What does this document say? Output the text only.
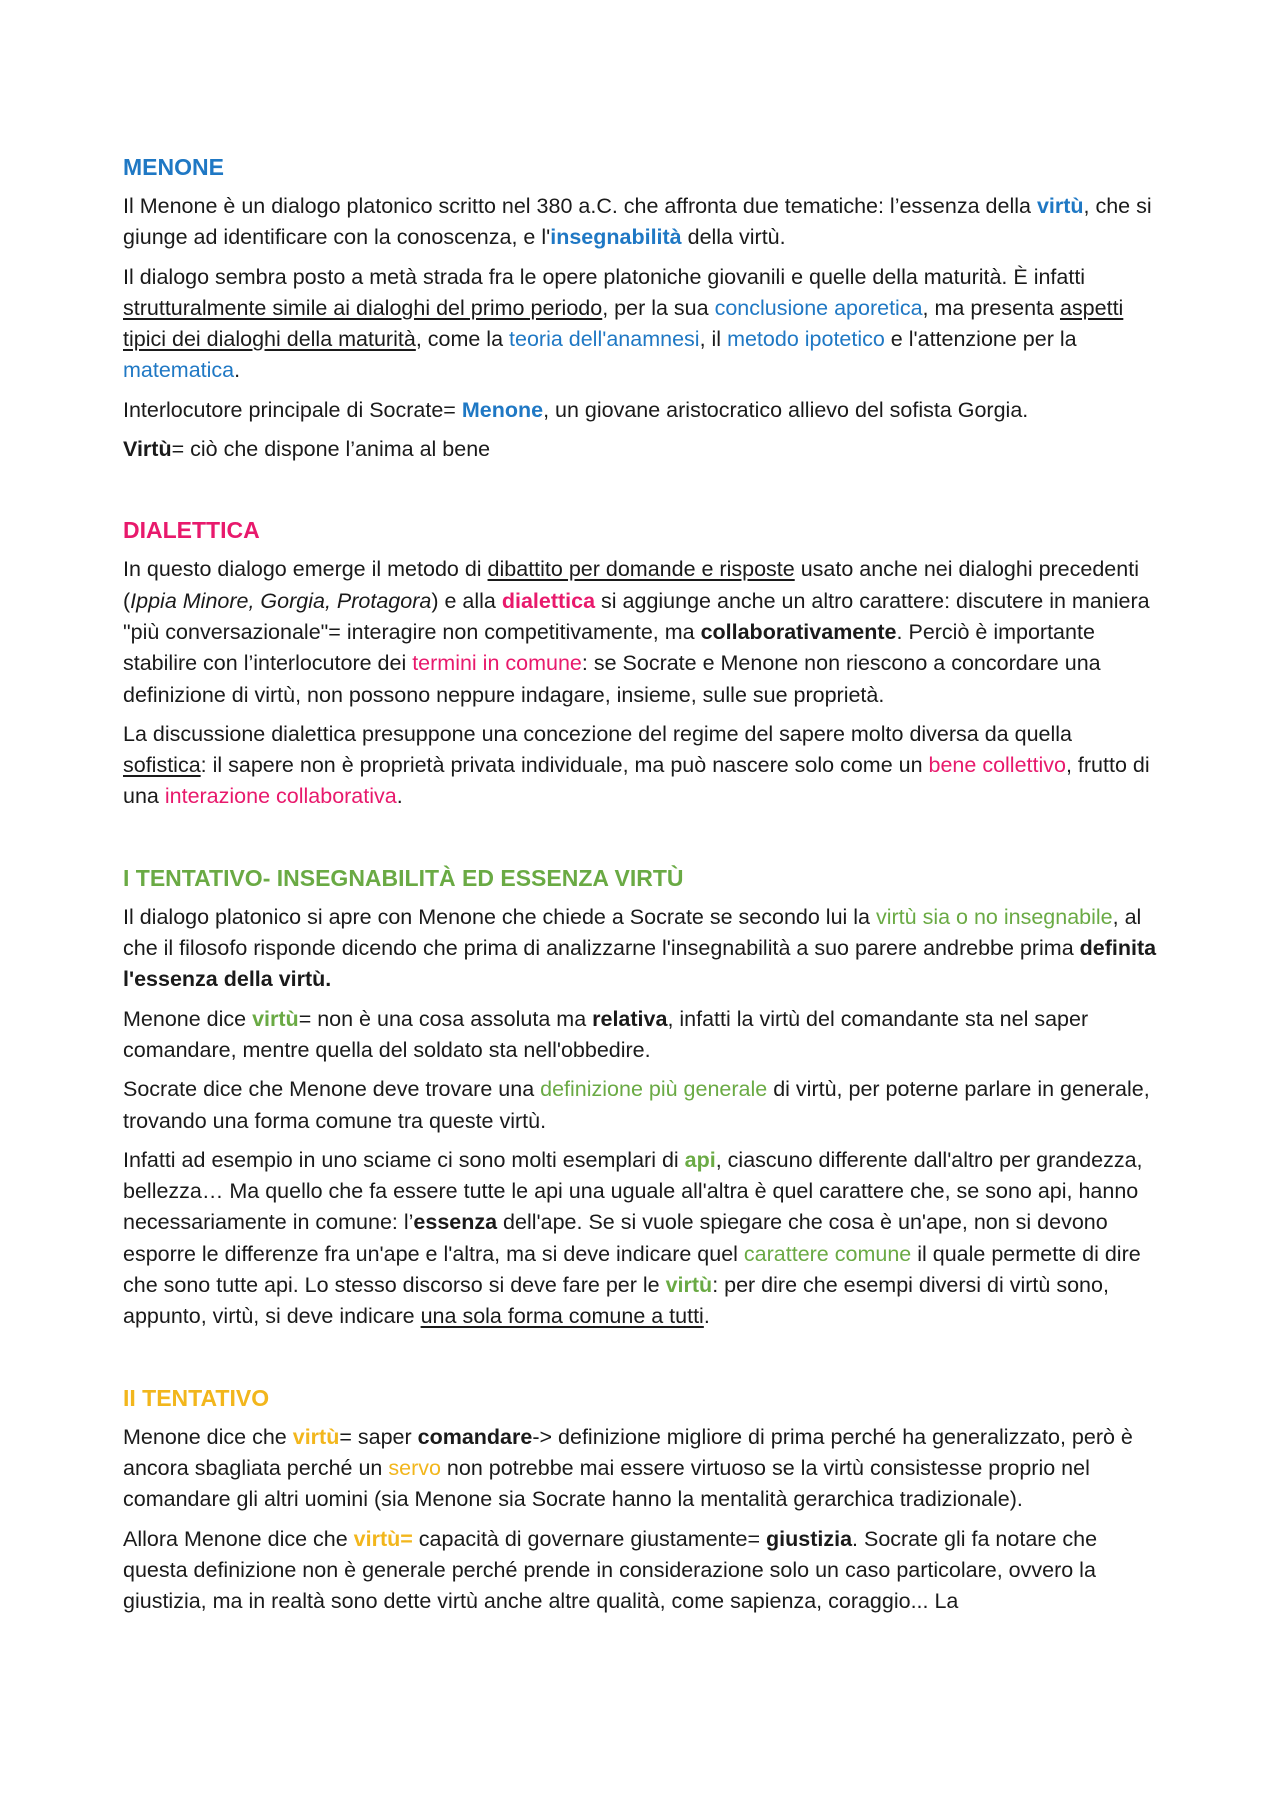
MENONE

Il Menone è un dialogo platonico scritto nel 380 a.C. che affronta due tematiche: l’essenza della virtù, che si giunge ad identificare con la conoscenza, e l'insegnabilità della virtù.

Il dialogo sembra posto a metà strada fra le opere platoniche giovanili e quelle della maturità. È infatti strutturalmente simile ai dialoghi del primo periodo, per la sua conclusione aporetica, ma presenta aspetti tipici dei dialoghi della maturità, come la teoria dell'anamnesi, il metodo ipotetico e l'attenzione per la matematica.

Interlocutore principale di Socrate= Menone, un giovane aristocratico allievo del sofista Gorgia.

Virtù= ciò che dispone l’anima al bene

DIALETTICA

In questo dialogo emerge il metodo di dibattito per domande e risposte usato anche nei dialoghi precedenti (Ippia Minore, Gorgia, Protagora) e alla dialettica si aggiunge anche un altro carattere: discutere in maniera "più conversazionale"= interagire non competitivamente, ma collaborativamente. Perciò è importante stabilire con l’interlocutore dei termini in comune: se Socrate e Menone non riescono a concordare una definizione di virtù, non possono neppure indagare, insieme, sulle sue proprietà.

La discussione dialettica presuppone una concezione del regime del sapere molto diversa da quella sofistica: il sapere non è proprietà privata individuale, ma può nascere solo come un bene collettivo, frutto di una interazione collaborativa.

I TENTATIVO- INSEGNABILITÀ ED ESSENZA VIRTÙ

Il dialogo platonico si apre con Menone che chiede a Socrate se secondo lui la virtù sia o no insegnabile, al che il filosofo risponde dicendo che prima di analizzarne l'insegnabilità a suo parere andrebbe prima definita l'essenza della virtù.

Menone dice virtù= non è una cosa assoluta ma relativa, infatti la virtù del comandante sta nel saper comandare, mentre quella del soldato sta nell'obbedire.

Socrate dice che Menone deve trovare una definizione più generale di virtù, per poterne parlare in generale, trovando una forma comune tra queste virtù.

Infatti ad esempio in uno sciame ci sono molti esemplari di api, ciascuno differente dall'altro per grandezza, bellezza… Ma quello che fa essere tutte le api una uguale all'altra è quel carattere che, se sono api, hanno necessariamente in comune: l’essenza dell'ape. Se si vuole spiegare che cosa è un'ape, non si devono esporre le differenze fra un'ape e l'altra, ma si deve indicare quel carattere comune il quale permette di dire che sono tutte api. Lo stesso discorso si deve fare per le virtù: per dire che esempi diversi di virtù sono, appunto, virtù, si deve indicare una sola forma comune a tutti.

II TENTATIVO

Menone dice che virtù= saper comandare-> definizione migliore di prima perché ha generalizzato, però è ancora sbagliata perché un servo non potrebbe mai essere virtuoso se la virtù consistesse proprio nel comandare gli altri uomini (sia Menone sia Socrate hanno la mentalità gerarchica tradizionale).

Allora Menone dice che virtù= capacità di governare giustamente= giustizia. Socrate gli fa notare che questa definizione non è generale perché prende in considerazione solo un caso particolare, ovvero la giustizia, ma in realtà sono dette virtù anche altre qualità, come sapienza, coraggio... La
